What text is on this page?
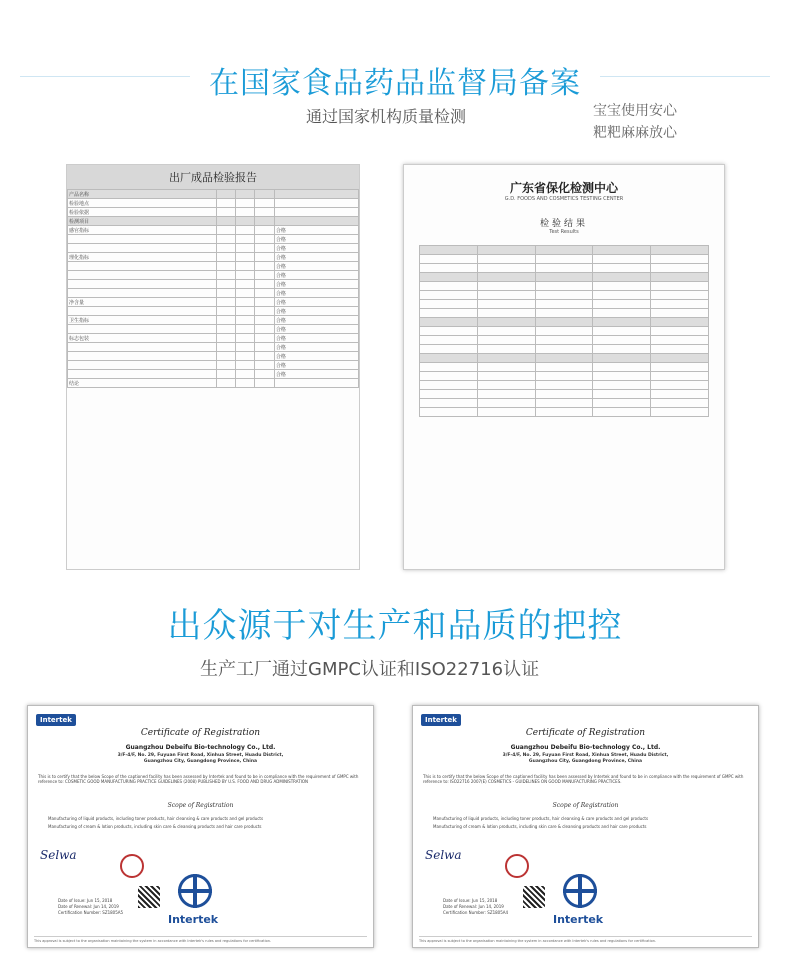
在国家食品药品监督局备案
通过国家机构质量检测	宝宝使用安心
粑粑麻麻放心
出厂成品检验报告
产品名称				
检验地点				
检验依据				
检测项目				
感官指标				合格
				合格
				合格
理化指标				合格
				合格
				合格
				合格
				合格
净含量				合格
				合格
卫生指标				合格
				合格
标志包装				合格
				合格
				合格
				合格
				合格
结论				
广东省保化检测中心
G.D. FOODS AND COSMETICS TESTING CENTER
检验结果
Test Results

出众源于对生产和品质的把控
生产工厂通过GMPC认证和ISO22716认证
Intertek
Certificate of Registration
Guangzhou Debeifu Bio-technology Co., Ltd.
3/F-4/F, No. 29, Fuyuan First Road, Xinhua Street, Huadu District,
Guangzhou City, Guangdong Province, China
This is to certify that the below Scope of the captioned facility has been assessed by Intertek and found to be in compliance with the requirement of GMPC with reference to: COSMETIC GOOD MANUFACTURING PRACTICE GUIDELINES (2008) PUBLISHED BY U.S. FOOD AND DRUG ADMINISTRATION
Scope of Registration
Manufacturing of liquid products, including toner products, hair cleansing & care products and gel products
Manufacturing of cream & lotion products, including skin care & cleansing products and hair care products
Selwa
Intertek
Date of Issue: Jun 15, 2018
Date of Renewal: Jun 14, 2019
Certification Number: SZ1805A5
This approval is subject to the organisation maintaining the system in accordance with Intertek's rules and regulations for certification.
Intertek
Certificate of Registration
Guangzhou Debeifu Bio-technology Co., Ltd.
3/F-4/F, No. 29, Fuyuan First Road, Xinhua Street, Huadu District,
Guangzhou City, Guangdong Province, China
This is to certify that the below Scope of the captioned facility has been assessed by Intertek and found to be in compliance with the requirement of GMPC with reference to: ISO22716 2007(E) COSMETICS - GUIDELINES ON GOOD MANUFACTURING PRACTICES.
Scope of Registration
Manufacturing of liquid products, including toner products, hair cleansing & care products and gel products
Manufacturing of cream & lotion products, including skin care & cleansing products and hair care products
Selwa
Intertek
Date of Issue: Jun 15, 2018
Date of Renewal: Jun 14, 2019
Certification Number: SZ1805A4
This approval is subject to the organisation maintaining the system in accordance with Intertek's rules and regulations for certification.
